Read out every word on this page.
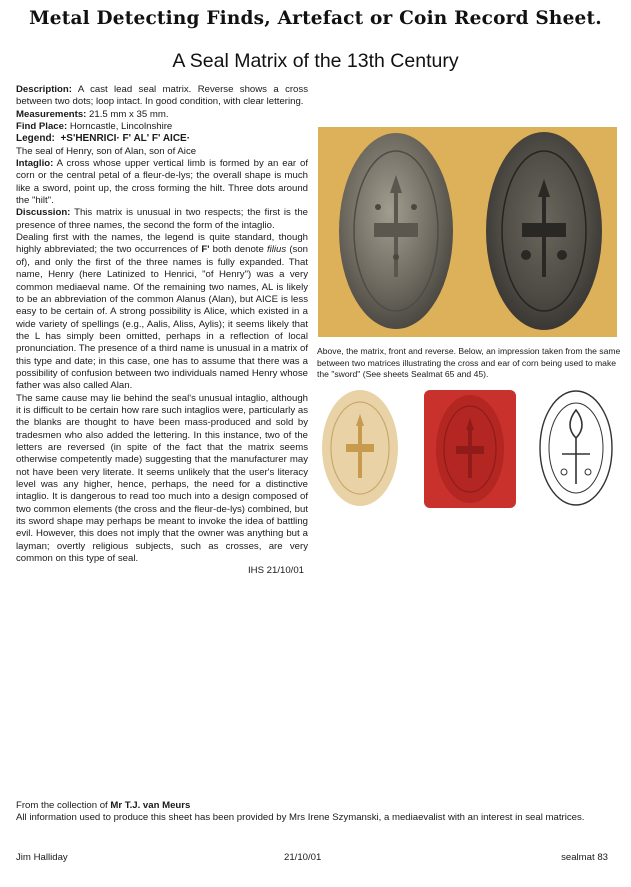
Metal Detecting Finds, Artefact or Coin Record Sheet.
A Seal Matrix of the 13th Century

Description: A cast lead seal matrix. Reverse shows a cross between two dots; loop intact. In good condition, with clear lettering.

Measurements: 21.5 mm x 35 mm.

Find Place: Horncastle, Lincolnshire

Legend:  +S'HENRICI· F' AL' F' AICE·

The seal of Henry, son of Alan, son of Aice

Intaglio: A cross whose upper vertical limb is formed by an ear of corn or the central petal of a fleur-de-lys; the overall shape is much like a sword, point up, the cross forming the hilt. Three dots around the "hilt".

Discussion: This matrix is unusual in two respects; the first is the presence of three names, the second the form of the intaglio.

Dealing first with the names, the legend is quite standard, though highly abbreviated; the two occurrences of F' both denote filius (son of), and only the first of the three names is fully expanded. That name, Henry (here Latinized to Henrici, "of Henry") was a very common mediaeval name. Of the remaining two names, AL is likely to be an abbreviation of the common Alanus (Alan), but AICE is less easy to be certain of. A strong possibility is Alice, which existed in a wide variety of spellings (e.g., Aalis, Aliss, Aylis); it seems likely that the L has simply been omitted, perhaps in a reflection of local pronunciation. The presence of a third name is unusual in a matrix of this type and date; in this case, one has to assume that there was a possibility of confusion between two individuals named Henry whose father was also called Alan.

The same cause may lie behind the seal's unusual intaglio, although it is difficult to be certain how rare such intaglios were, particularly as the blanks are thought to have been mass-produced and sold by tradesmen who also added the lettering. In this instance, two of the letters are reversed (in spite of the fact that the matrix seems otherwise competently made) suggesting that the manufacturer may not have been very literate. It seems unlikely that the user's literacy level was any higher, hence, perhaps, the need for a distinctive intaglio. It is dangerous to read too much into a design composed of two common elements (the cross and the fleur-de-lys) combined, but its sword shape may perhaps be meant to invoke the idea of battling evil. However, this does not imply that the owner was anything but a layman; overtly religious subjects, such as crosses, are very common on this type of seal.

IHS 21/10/01

Above, the matrix, front and reverse. Below, an impression taken from the same between two matrices illustrating the cross and ear of corn being used to make the "sword" (See sheets Sealmat 65 and 45).

From the collection of Mr T.J. van Meurs

All information used to produce this sheet has been provided by Mrs Irene Szymanski, a mediaevalist with an interest in seal matrices.

Jim Halliday	21/10/01	sealmat 83
